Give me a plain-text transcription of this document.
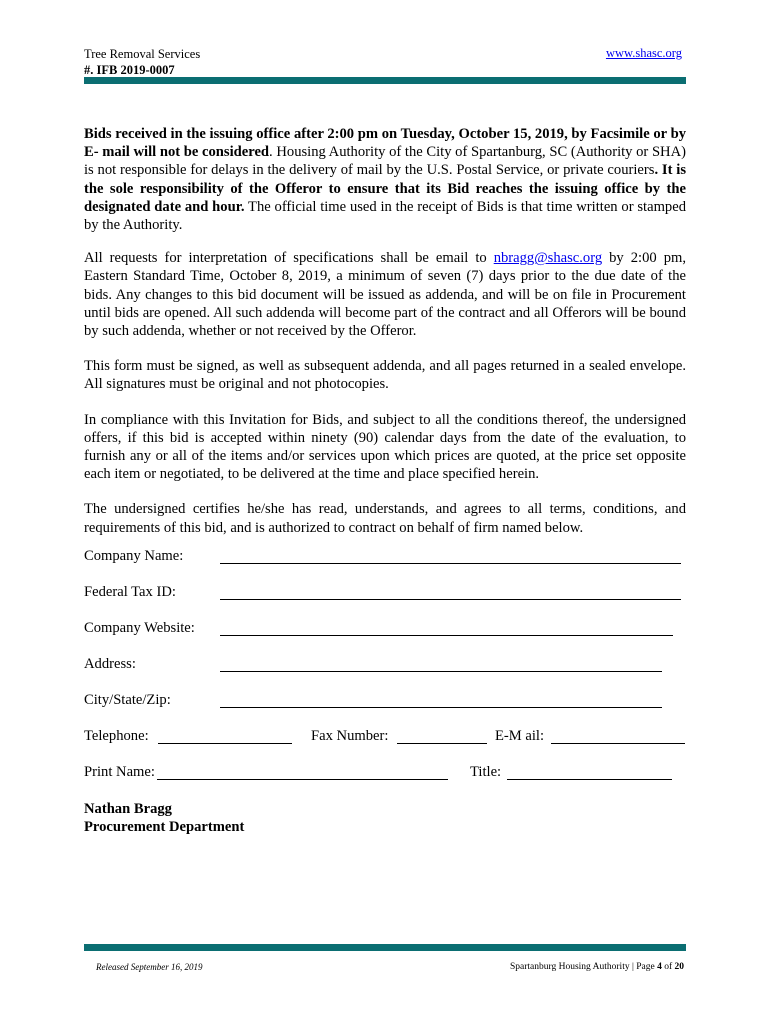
Tree Removal Services
#. IFB 2019-0007
www.shasc.org

Bids received in the issuing office after 2:00 pm on Tuesday, October 15, 2019, by Facsimile or by E- mail will not be considered. Housing Authority of the City of Spartanburg, SC (Authority or SHA) is not responsible for delays in the delivery of mail by the U.S. Postal Service, or private couriers. It is the sole responsibility of the Offeror to ensure that its Bid reaches the issuing office by the designated date and hour. The official time used in the receipt of Bids is that time written or stamped by the Authority.

All requests for interpretation of specifications shall be email to nbragg@shasc.org by 2:00 pm, Eastern Standard Time, October 8, 2019, a minimum of seven (7) days prior to the due date of the bids. Any changes to this bid document will be issued as addenda, and will be on file in Procurement until bids are opened. All such addenda will become part of the contract and all Offerors will be bound by such addenda, whether or not received by the Offeror.

This form must be signed, as well as subsequent addenda, and all pages returned in a sealed envelope. All signatures must be original and not photocopies.

In compliance with this Invitation for Bids, and subject to all the conditions thereof, the undersigned offers, if this bid is accepted within ninety (90) calendar days from the date of the evaluation, to furnish any or all of the items and/or services upon which prices are quoted, at the price set opposite each item or negotiated, to be delivered at the time and place specified herein.

The undersigned certifies he/she has read, understands, and agrees to all terms, conditions, and requirements of this bid, and is authorized to contract on behalf of firm named below.

Company Name:
Federal Tax ID:
Company Website:
Address:
City/State/Zip:
Telephone:	Fax Number:	E-M ail:
Print Name:	Title:
Nathan Bragg
Procurement Department
Released September 16, 2019	Spartanburg Housing Authority | Page 4 of 20
